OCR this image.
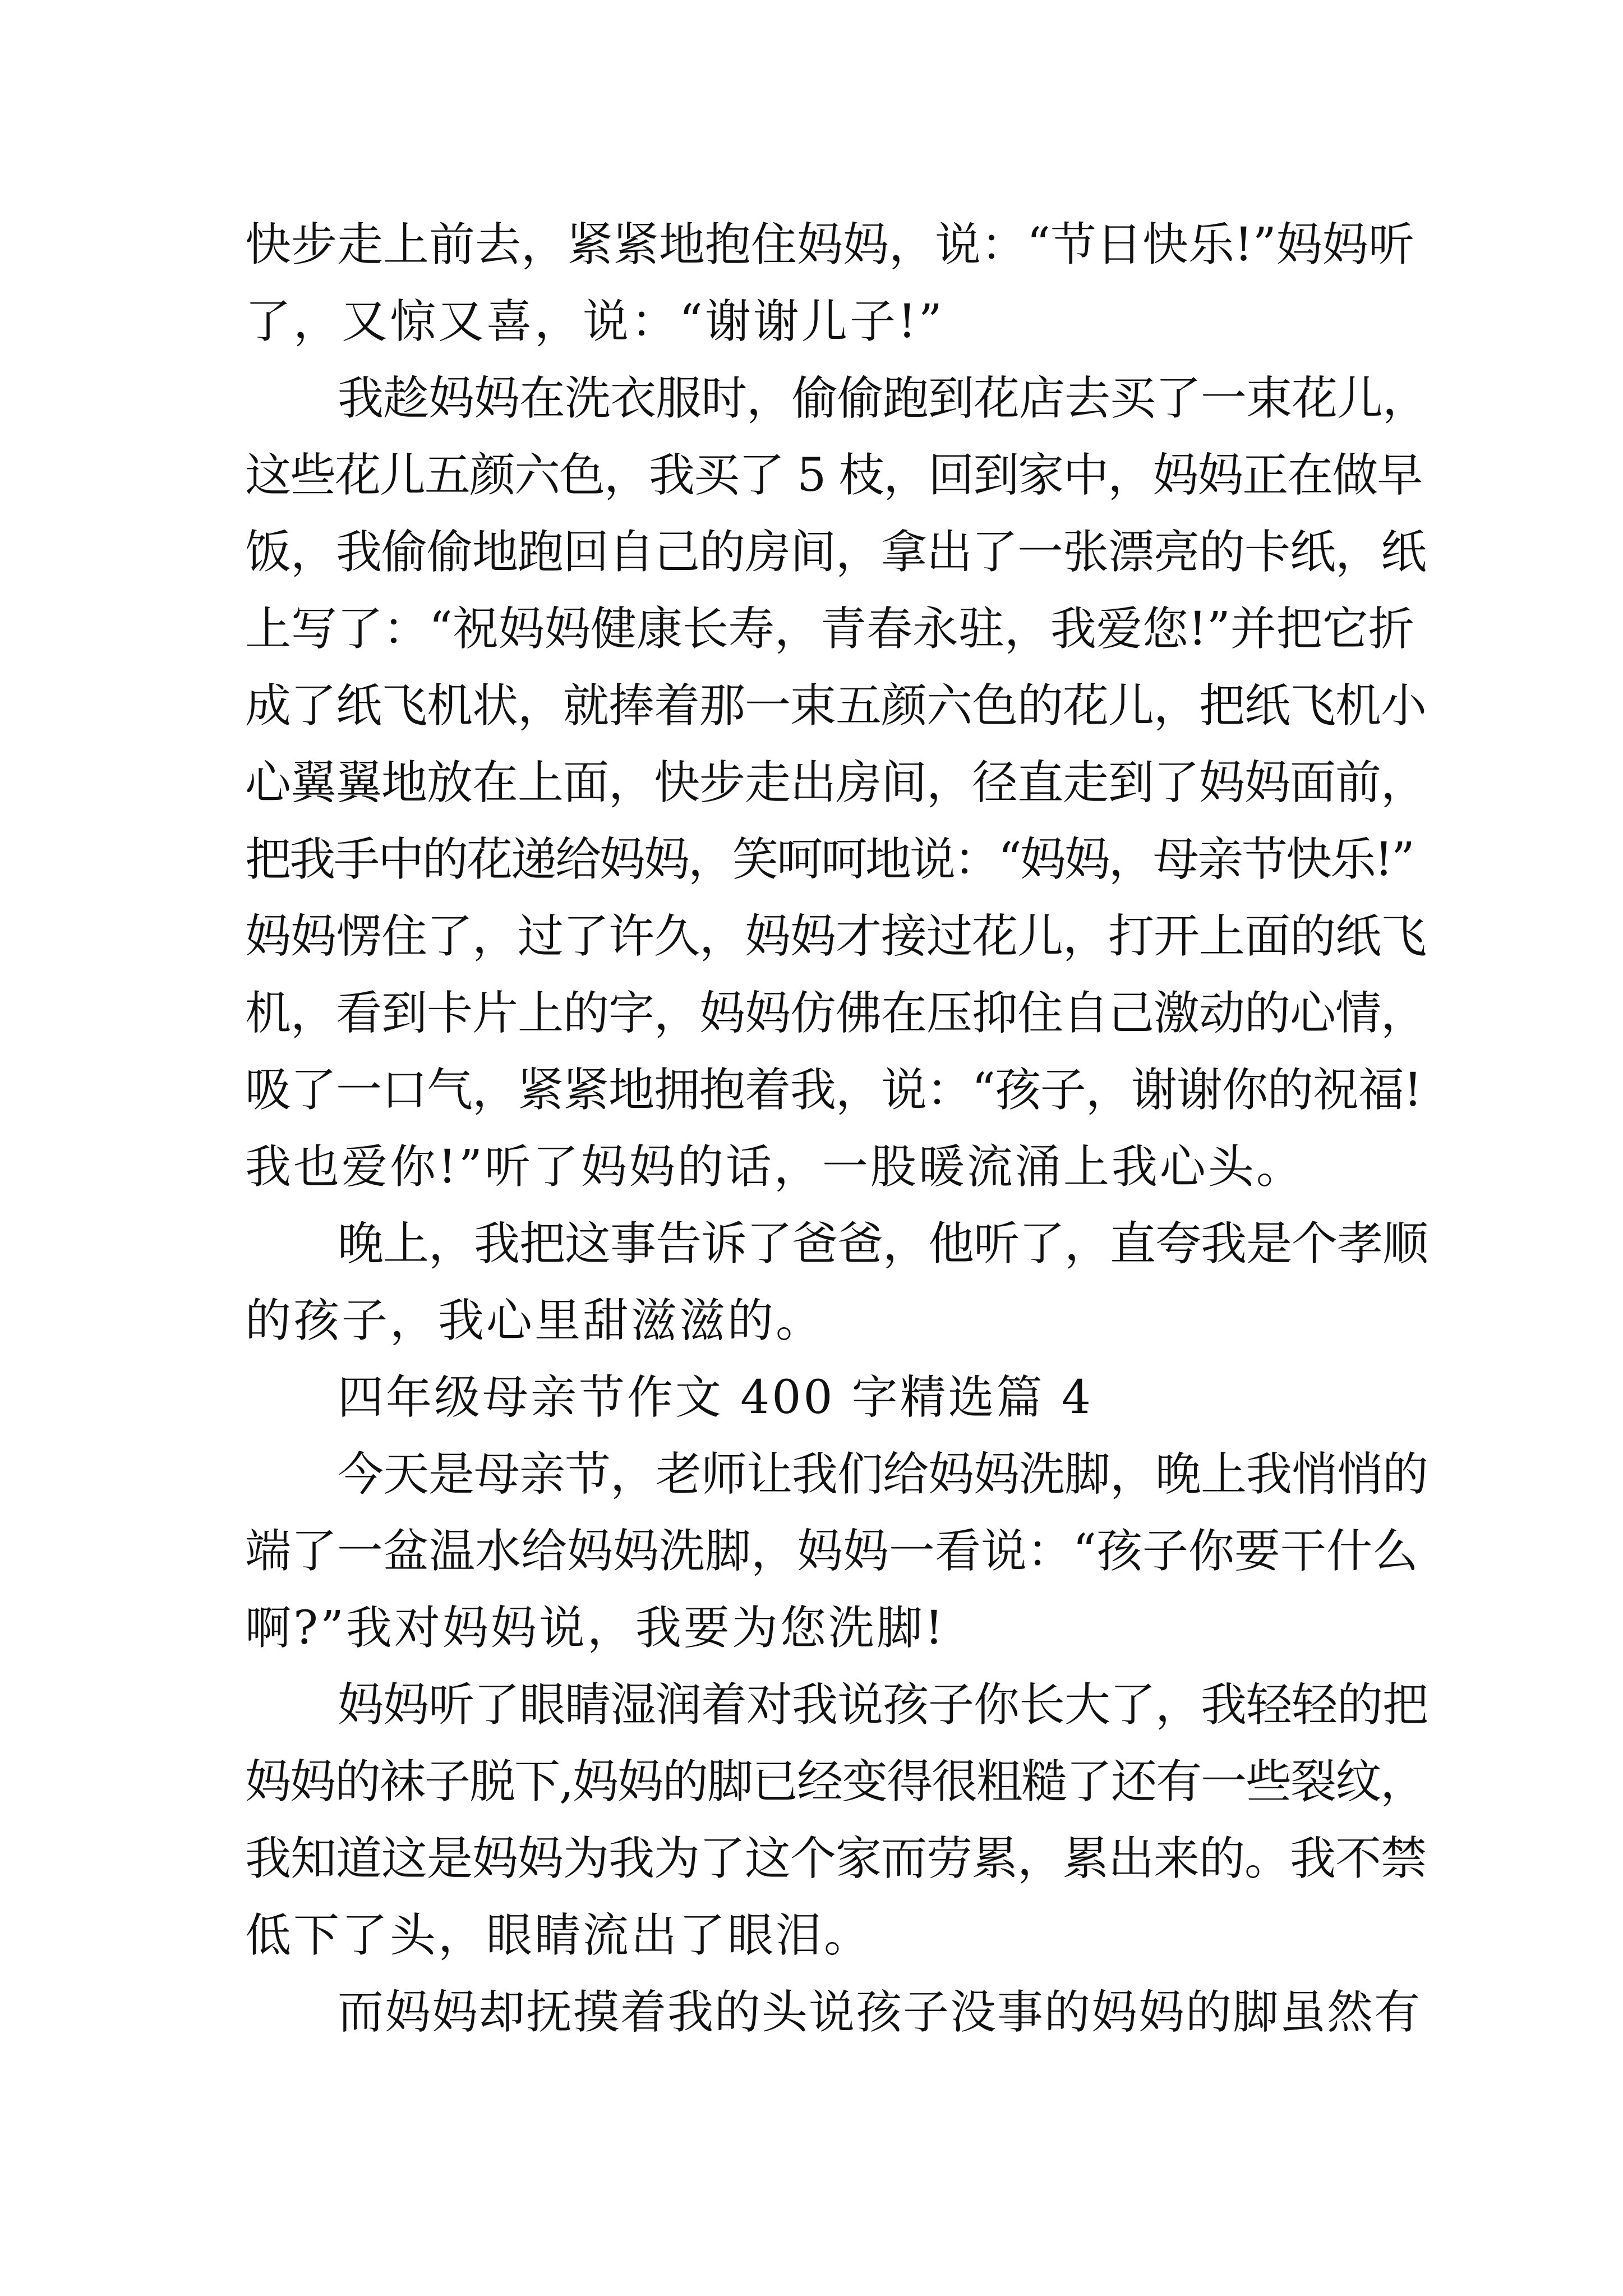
快步走上前去，紧紧地抱住妈妈，说：“节日快乐!”妈妈听
了，又惊又喜，说：“谢谢儿子!”
我趁妈妈在洗衣服时，偷偷跑到花店去买了一束花儿，
这些花儿五颜六色，我买了 5 枝，回到家中，妈妈正在做早
饭，我偷偷地跑回自己的房间，拿出了一张漂亮的卡纸，纸
上写了：“祝妈妈健康长寿，青春永驻，我爱您!”并把它折
成了纸飞机状，就捧着那一束五颜六色的花儿，把纸飞机小
心翼翼地放在上面，快步走出房间，径直走到了妈妈面前，
把我手中的花递给妈妈，笑呵呵地说：“妈妈，母亲节快乐!”
妈妈愣住了，过了许久，妈妈才接过花儿，打开上面的纸飞
机，看到卡片上的字，妈妈仿佛在压抑住自己激动的心情，
吸了一口气，紧紧地拥抱着我，说：“孩子，谢谢你的祝福!
我也爱你!”听了妈妈的话，一股暖流涌上我心头。
晚上，我把这事告诉了爸爸，他听了，直夸我是个孝顺
的孩子，我心里甜滋滋的。
四年级母亲节作文 400 字精选篇 4
今天是母亲节，老师让我们给妈妈洗脚，晚上我悄悄的
端了一盆温水给妈妈洗脚，妈妈一看说：“孩子你要干什么
啊?”我对妈妈说，我要为您洗脚!
妈妈听了眼睛湿润着对我说孩子你长大了，我轻轻的把
妈妈的袜子脱下,妈妈的脚已经变得很粗糙了还有一些裂纹，
我知道这是妈妈为我为了这个家而劳累，累出来的。我不禁
低下了头，眼睛流出了眼泪。
而妈妈却抚摸着我的头说孩子没事的妈妈的脚虽然有
